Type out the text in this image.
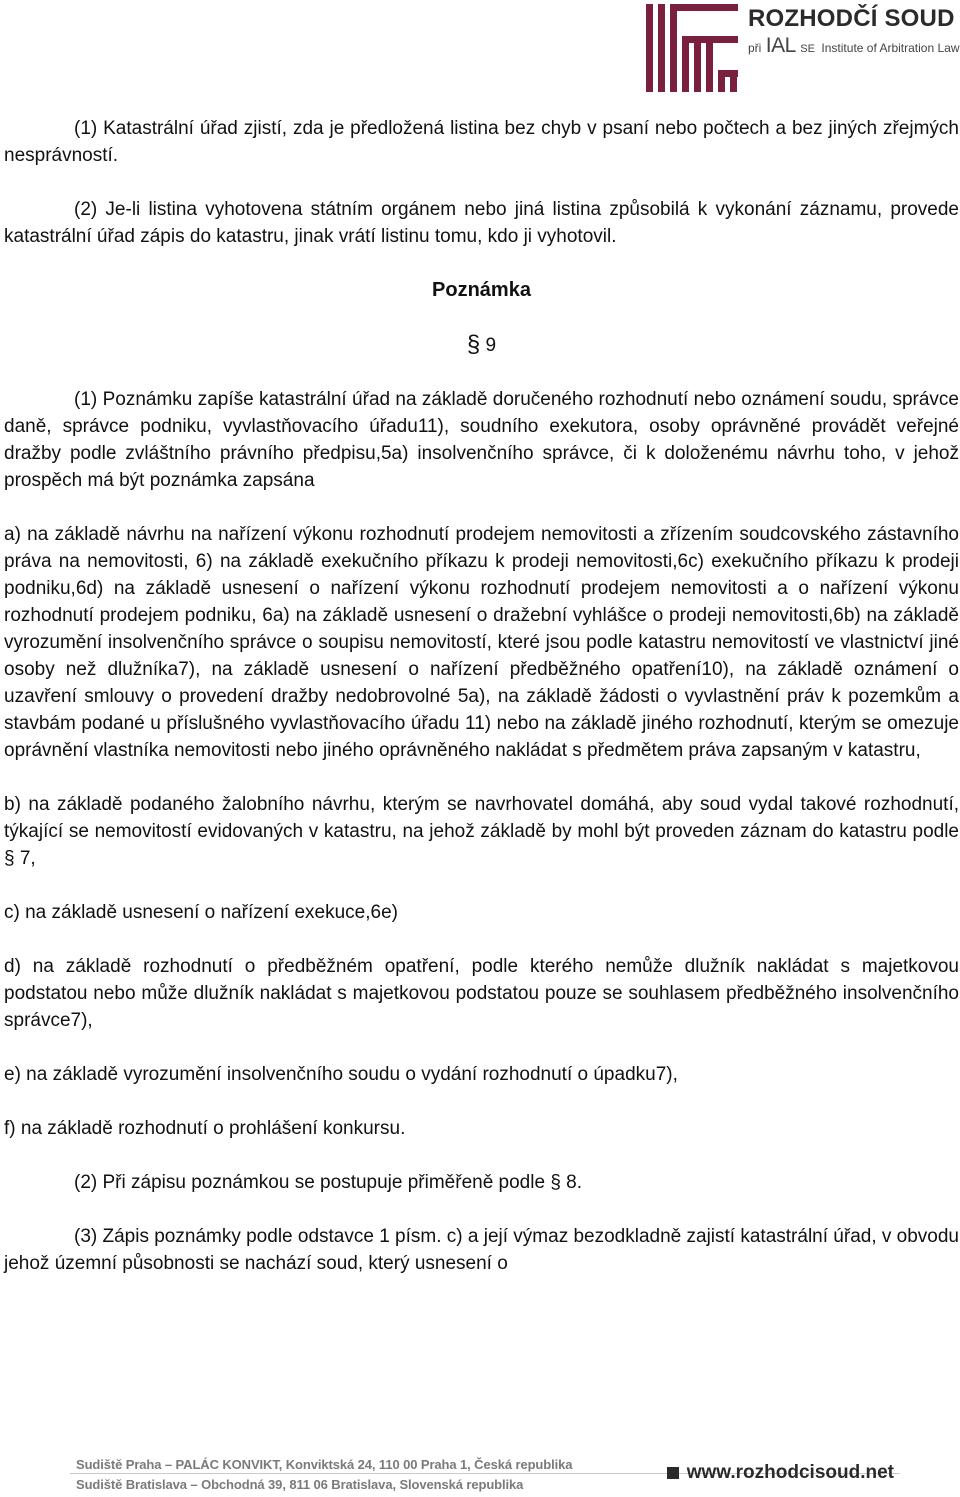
ROZHODČÍ SOUD
při IAL SE Institute of Arbitration Law

(1) Katastrální úřad zjistí, zda je předložená listina bez chyb v psaní nebo počtech a bez jiných zřejmých nesprávností.

(2) Je-li listina vyhotovena státním orgánem nebo jiná listina způsobilá k vykonání záznamu, provede katastrální úřad zápis do katastru, jinak vrátí listinu tomu, kdo ji vyhotovil.

Poznámka
§ 9

(1) Poznámku zapíše katastrální úřad na základě doručeného rozhodnutí nebo oznámení soudu, správce daně, správce podniku, vyvlastňovacího úřadu11), soudního exekutora, osoby oprávněné provádět veřejné dražby podle zvláštního právního předpisu,5a) insolvenčního správce, či k doloženému návrhu toho, v jehož prospěch má být poznámka zapsána

a) na základě návrhu na nařízení výkonu rozhodnutí prodejem nemovitosti a zřízením soudcovského zástavního práva na nemovitosti, 6) na základě exekučního příkazu k prodeji nemovitosti,6c) exekučního příkazu k prodeji podniku,6d) na základě usnesení o nařízení výkonu rozhodnutí prodejem nemovitosti a o nařízení výkonu rozhodnutí prodejem podniku, 6a) na základě usnesení o dražební vyhlášce o prodeji nemovitosti,6b) na základě vyrozumění insolvenčního správce o soupisu nemovitostí, které jsou podle katastru nemovitostí ve vlastnictví jiné osoby než dlužníka7), na základě usnesení o nařízení předběžného opatření10), na základě oznámení o uzavření smlouvy o provedení dražby nedobrovolné 5a), na základě žádosti o vyvlastnění práv k pozemkům a stavbám podané u příslušného vyvlastňovacího úřadu 11) nebo na základě jiného rozhodnutí, kterým se omezuje oprávnění vlastníka nemovitosti nebo jiného oprávněného nakládat s předmětem práva zapsaným v katastru,

b) na základě podaného žalobního návrhu, kterým se navrhovatel domáhá, aby soud vydal takové rozhodnutí, týkající se nemovitostí evidovaných v katastru, na jehož základě by mohl být proveden záznam do katastru podle § 7,

c) na základě usnesení o nařízení exekuce,6e)

d) na základě rozhodnutí o předběžném opatření, podle kterého nemůže dlužník nakládat s majetkovou podstatou nebo může dlužník nakládat s majetkovou podstatou pouze se souhlasem předběžného insolvenčního správce7),

e) na základě vyrozumění insolvenčního soudu o vydání rozhodnutí o úpadku7),

f) na základě rozhodnutí o prohlášení konkursu.

(2) Při zápisu poznámkou se postupuje přiměřeně podle § 8.

(3) Zápis poznámky podle odstavce 1 písm. c) a její výmaz bezodkladně zajistí katastrální úřad, v obvodu jehož územní působnosti se nachází soud, který usnesení o

Sudiště Praha – PALÁC KONVIKT, Konviktská 24, 110 00 Praha 1, Česká republika
Sudiště Bratislava – Obchodná 39, 811 06 Bratislava, Slovenská republika
www.rozhodcisoud.net
